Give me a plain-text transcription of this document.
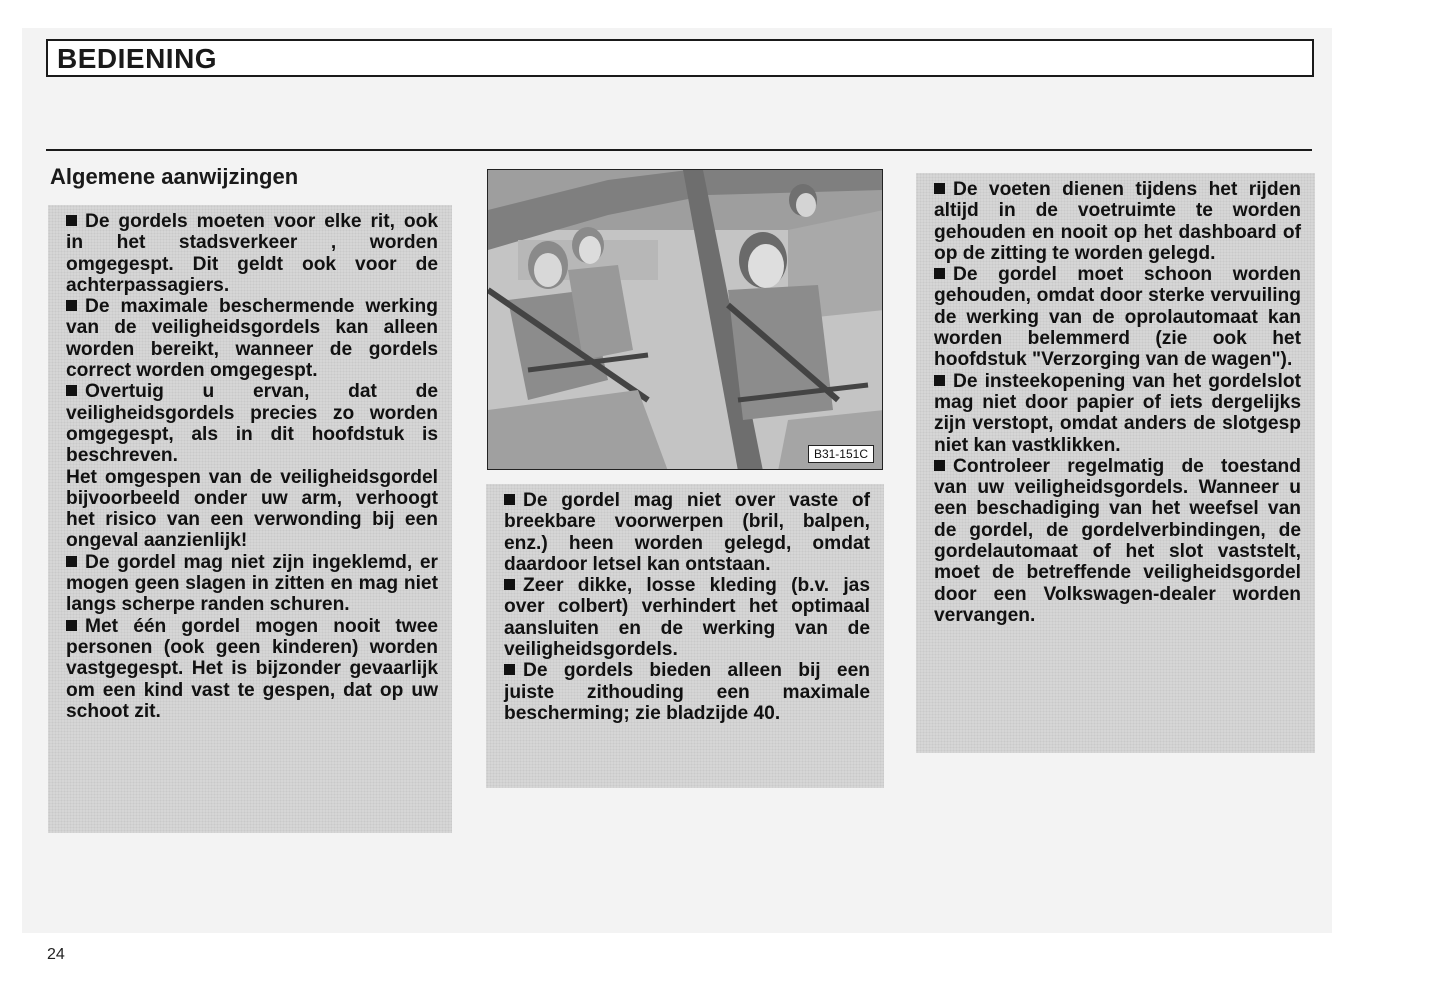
BEDIENING
Algemene aanwijzingen

De gordels moeten voor elke rit, ook in het stadsverkeer , worden omgegespt. Dit geldt ook voor de achterpassagiers.

De maximale beschermende werking van de veiligheidsgordels kan alleen worden bereikt, wanneer de gordels correct worden omgegespt.

Overtuig u ervan, dat de veiligheidsgordels precies zo worden omgegespt, als in dit hoofdstuk is beschreven.

Het omgespen van de veiligheidsgordel bijvoorbeeld onder uw arm, verhoogt het risico van een verwonding bij een ongeval aanzienlijk!

De gordel mag niet zijn ingeklemd, er mogen geen slagen in zitten en mag niet langs scherpe randen schuren.

Met één gordel mogen nooit twee personen (ook geen kinderen) worden vastgegespt. Het is bijzonder gevaarlijk om een kind vast te gespen, dat op uw schoot zit.

B31-151C

De gordel mag niet over vaste of breekbare voorwerpen (bril, balpen, enz.) heen worden gelegd, omdat daardoor letsel kan ontstaan.

Zeer dikke, losse kleding (b.v. jas over colbert) verhindert het optimaal aansluiten en de werking van de veiligheidsgordels.

De gordels bieden alleen bij een juiste zithouding een maximale bescherming; zie bladzijde 40.

De voeten dienen tijdens het rijden altijd in de voetruimte te worden gehouden en nooit op het dashboard of op de zitting te worden gelegd.

De gordel moet schoon worden gehouden, omdat door sterke vervuiling de werking van de oprolautomaat kan worden belemmerd (zie ook het hoofdstuk "Verzorging van de wagen").

De insteekopening van het gordelslot mag niet door papier of iets dergelijks zijn verstopt, omdat anders de slotgesp niet kan vastklikken.

Controleer regelmatig de toestand van uw veiligheidsgordels. Wanneer u een beschadiging van het weefsel van de gordel, de gordelverbindingen, de gordelautomaat of het slot vaststelt, moet de betreffende veiligheidsgordel door een Volkswagen-dealer worden vervangen.

24
